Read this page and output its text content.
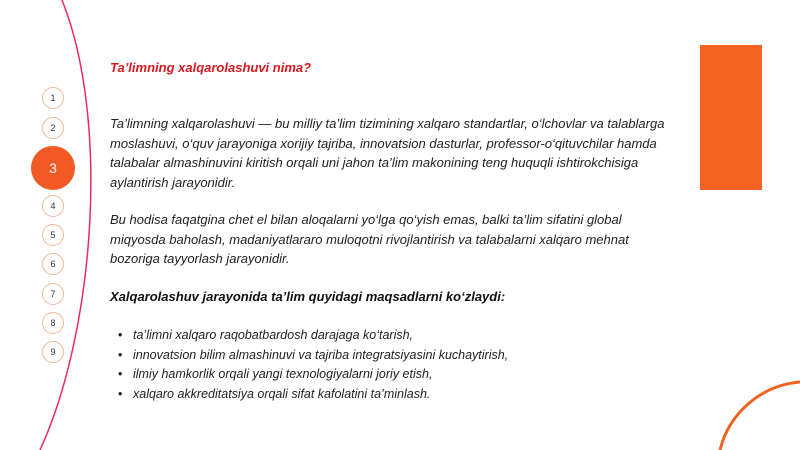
1
2
3
4
5
6
7
8
9
Ta’limning xalqarolashuvi nima?

Ta’limning xalqarolashuvi — bu milliy ta’lim tizimining xalqaro standartlar, o‘lchovlar va talablarga moslashuvi, o‘quv jarayoniga xorijiy tajriba, innovatsion dasturlar, professor-o‘qituvchilar hamda talabalar almashinuvini kiritish orqali uni jahon ta’lim makonining teng huquqli ishtirokchisiga aylantirish jarayonidir.

Bu hodisa faqatgina chet el bilan aloqalarni yo‘lga qo‘yish emas, balki ta’lim sifatini global miqyosda baholash, madaniyatlararo muloqotni rivojlantirish va talabalarni xalqaro mehnat bozoriga tayyorlash jarayonidir.

Xalqarolashuv jarayonida ta’lim quyidagi maqsadlarni ko‘zlaydi:
• ta’limni xalqaro raqobatbardosh darajaga ko‘tarish,
• innovatsion bilim almashinuvi va tajriba integratsiyasini kuchaytirish,
• ilmiy hamkorlik orqali yangi texnologiyalarni joriy etish,
• xalqaro akkreditatsiya orqali sifat kafolatini ta’minlash.
